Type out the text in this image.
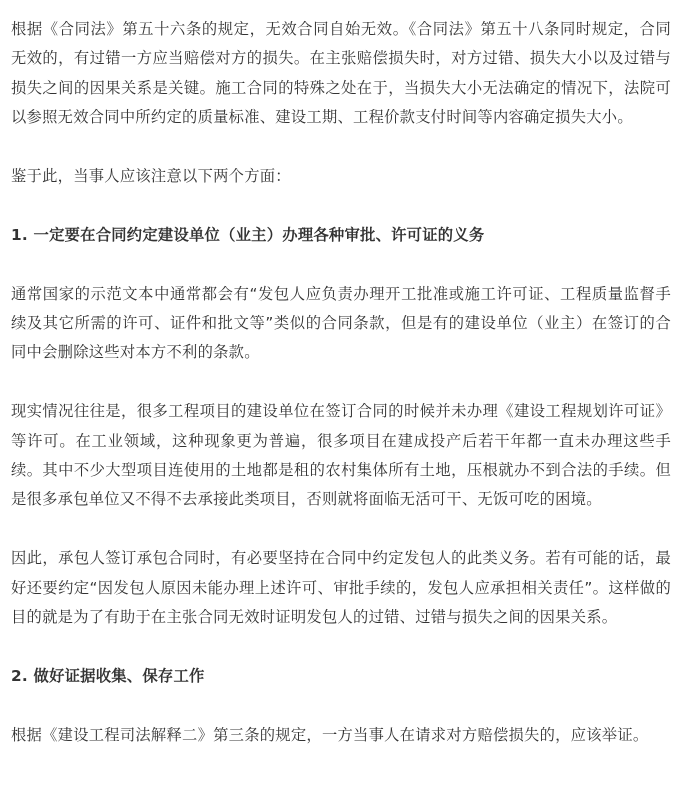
根据《合同法》第五十六条的规定，无效合同自始无效。《合同法》第五十八条同时规定，合同无效的，有过错一方应当赔偿对方的损失。在主张赔偿损失时，对方过错、损失大小以及过错与损失之间的因果关系是关键。施工合同的特殊之处在于，当损失大小无法确定的情况下，法院可以参照无效合同中所约定的质量标准、建设工期、工程价款支付时间等内容确定损失大小。

鉴于此，当事人应该注意以下两个方面：

1. 一定要在合同约定建设单位（业主）办理各种审批、许可证的义务

通常国家的示范文本中通常都会有“发包人应负责办理开工批准或施工许可证、工程质量监督手续及其它所需的许可、证件和批文等”类似的合同条款，但是有的建设单位（业主）在签订的合同中会删除这些对本方不利的条款。

现实情况往往是，很多工程项目的建设单位在签订合同的时候并未办理《建设工程规划许可证》等许可。在工业领域，这种现象更为普遍，很多项目在建成投产后若干年都一直未办理这些手续。其中不少大型项目连使用的土地都是租的农村集体所有土地，压根就办不到合法的手续。但是很多承包单位又不得不去承接此类项目，否则就将面临无活可干、无饭可吃的困境。

因此，承包人签订承包合同时，有必要坚持在合同中约定发包人的此类义务。若有可能的话，最好还要约定“因发包人原因未能办理上述许可、审批手续的，发包人应承担相关责任”。这样做的目的就是为了有助于在主张合同无效时证明发包人的过错、过错与损失之间的因果关系。

2. 做好证据收集、保存工作

根据《建设工程司法解释二》第三条的规定，一方当事人在请求对方赔偿损失的，应该举证。
